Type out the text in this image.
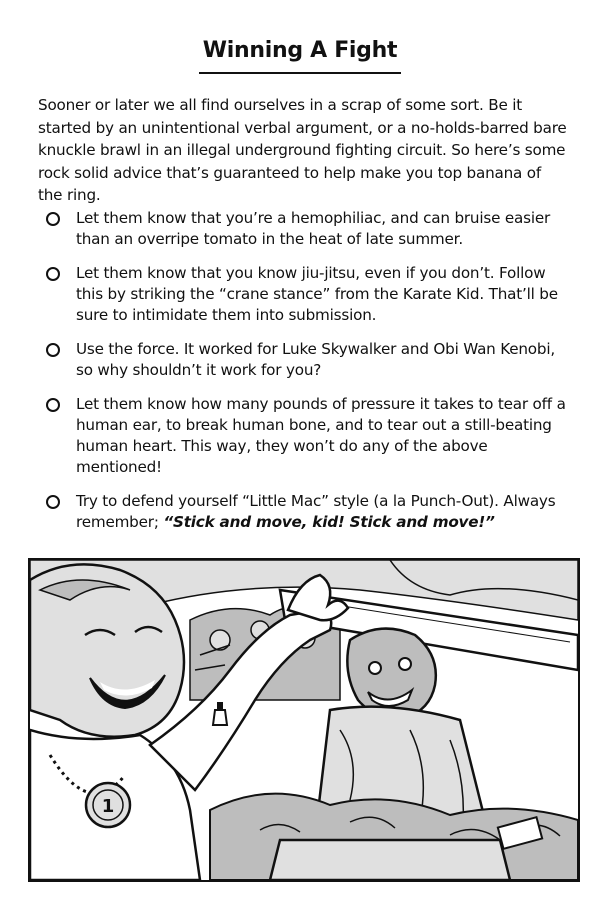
Winning A Fight

Sooner or later we all find ourselves in a scrap of some sort. Be it started by an unintentional verbal argument, or a no-holds-barred bare knuckle brawl in an illegal underground fighting circuit. So here’s some rock solid advice that’s guaranteed to help make you top banana of the ring.

Let them know that you’re a hemophiliac, and can bruise easier than an overripe tomato in the heat of late summer.
Let them know that you know jiu-jitsu, even if you don’t. Follow this by striking the “crane stance” from the Karate Kid. That’ll be sure to intimidate them into submission.
Use the force. It worked for Luke Skywalker and Obi Wan Kenobi, so why shouldn’t it work for you?
Let them know how many pounds of pressure it takes to tear off a human ear, to break human bone, and to tear out a still-beating human heart. This way, they won’t do any of the above mentioned!
Try to defend yourself “Little Mac” style (a la Punch-Out). Always remember; “Stick and move, kid! Stick and move!”
1
